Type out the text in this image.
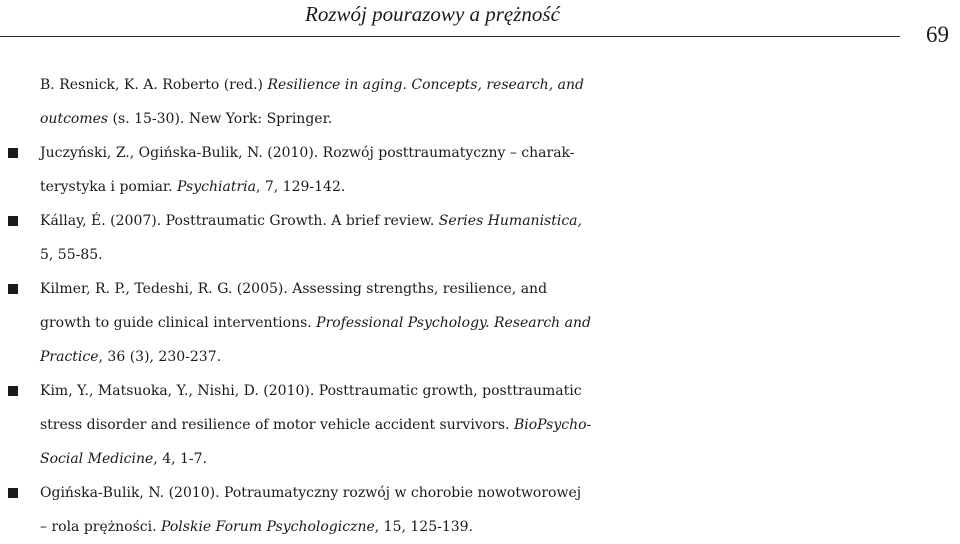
Rozwój pourazowy a prężność

69
B. Resnick, K. A. Roberto (red.) Resilience in aging. Concepts, research, and
outcomes (s. 15-30). New York: Springer.
Juczyński, Z., Ogińska-Bulik, N. (2010). Rozwój posttraumatyczny – charak-
terystyka i pomiar. Psychiatria, 7, 129-142.
Kállay, É. (2007). Posttraumatic Growth. A brief review. Series Humanistica,
5, 55-85.
Kilmer, R. P., Tedeshi, R. G. (2005). Assessing strengths, resilience, and
growth to guide clinical interventions. Professional Psychology. Research and
Practice, 36 (3), 230-237.
Kim, Y., Matsuoka, Y., Nishi, D. (2010). Posttraumatic growth, posttraumatic
stress disorder and resilience of motor vehicle accident survivors. BioPsycho-
Social Medicine, 4, 1-7.
Ogińska-Bulik, N. (2010). Potraumatyczny rozwój w chorobie nowotworowej
– rola prężności. Polskie Forum Psychologiczne, 15, 125-139.
